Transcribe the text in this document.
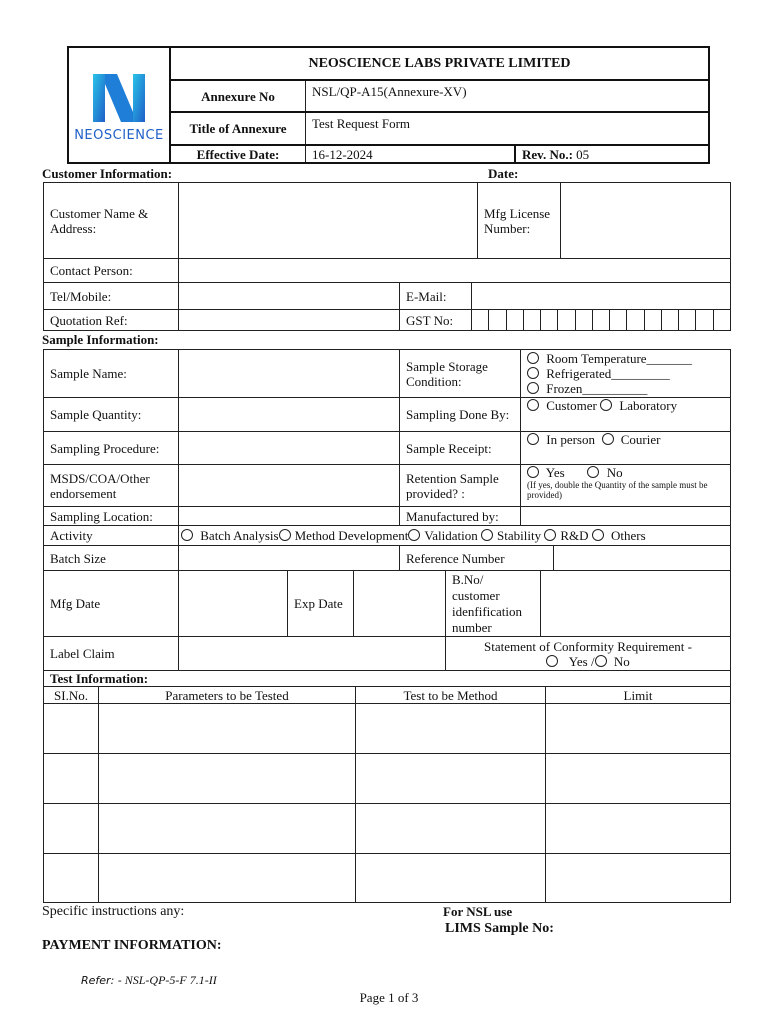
NEOSCIENCE	NEOSCIENCE LABS PRIVATE LIMITED		
	Annexure No	NSL/QP-A15(Annexure-XV)	
	Title of Annexure	Test Request Form	
	Effective Date:	16-12-2024	Rev. No.: 05
Customer Information:	Date:
Customer Name & Address:		Mfg License Number:	
Contact Person:			
Tel/Mobile:		E-Mail:	
Quotation Ref:		GST No:	
Sample Information:
Sample Name:		Sample Storage Condition:	Room Temperature_______
Refrigerated_________
Frozen__________

Sample Quantity:		Sampling Done By:	Customer Laboratory
Sampling Procedure:		Sample Receipt:	In person Courier
MSDS/COA/Other endorsement		Retention Sample provided? :	Yes No
(If yes, double the Quantity of the sample must be provided)

Sampling Location:		Manufactured by:	
Activity	Batch Analysis Method Development Validation Stability R&D Others
Batch Size		Reference Number	
Mfg Date		Exp Date		B.No/ customer idenfification number	
Label Claim		Statement of Conformity Requirement -
Yes / No
Test Information:			
SI.No.	Parameters to be Tested	Test to be Method	Limit

Specific instructions any:	For NSL use
LIMS Sample No:
PAYMENT INFORMATION:
Refer: - NSL-QP-5-F 7.1-II
Page 1 of 3
